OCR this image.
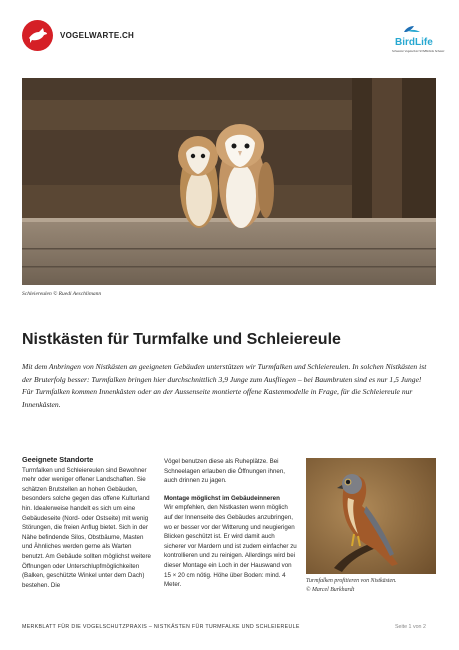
VOGELWARTE.CH
BirdLife
Schweizer Vogelschutz SVS/BirdLife Schweiz
Schleiereulen © Ruedi Aeschlimann
Nistkästen für Turmfalke und Schleiereule

Mit dem Anbringen von Nistkästen an geeigneten Gebäuden unterstützen wir Turmfalken und Schleiereulen. In solchen Nistkästen ist der Bruterfolg besser: Turmfalken bringen hier durchschnittlich 3,9 Junge zum Ausfliegen – bei Baumbruten sind es nur 1,5 Junge!

Für Turmfalken kommen Innenkästen oder an der Aussenseite montierte offene Kastenmodelle in Frage, für die Schleiereule nur Innenkästen.

Geeignete Standorte

Turmfalken und Schleiereulen sind Bewohner mehr oder weniger offener Landschaften. Sie schätzen Brutstellen an hohen Gebäuden, besonders solche gegen das offene Kulturland hin. Idealerweise handelt es sich um eine Gebäudeseite (Nord- oder Ostseite) mit wenig Störungen, die freien Anflug bietet. Sich in der Nähe befindende Silos, Obstbäume, Masten und Ähnliches werden gerne als Warten benutzt. Am Gebäude sollten möglichst weitere Öffnungen oder Unterschlupfmöglichkeiten (Balken, geschützte Winkel unter dem Dach) bestehen. Die

Vögel benutzen diese als Ruheplätze. Bei Schneelagen erlauben die Öffnungen ihnen, auch drinnen zu jagen.

Montage möglichst im Gebäudeinneren

Wir empfehlen, den Nistkasten wenn möglich auf der Innenseite des Gebäudes anzubringen, wo er besser vor der Witterung und neugierigen Blicken geschützt ist. Er wird damit auch sicherer vor Mardern und ist zudem einfacher zu kontrollieren und zu reinigen. Allerdings wird bei dieser Montage ein Loch in der Hauswand von 15 × 20 cm nötig. Höhe über Boden: mind. 4 Meter.

Turmfalken profitieren von Nistkästen.

© Marcel Burkhardt

MERKBLATT FÜR DIE VOGELSCHUTZPRAXIS – NISTKÄSTEN FÜR TURMFALKE UND SCHLEIEREULE	Seite 1 von 2
